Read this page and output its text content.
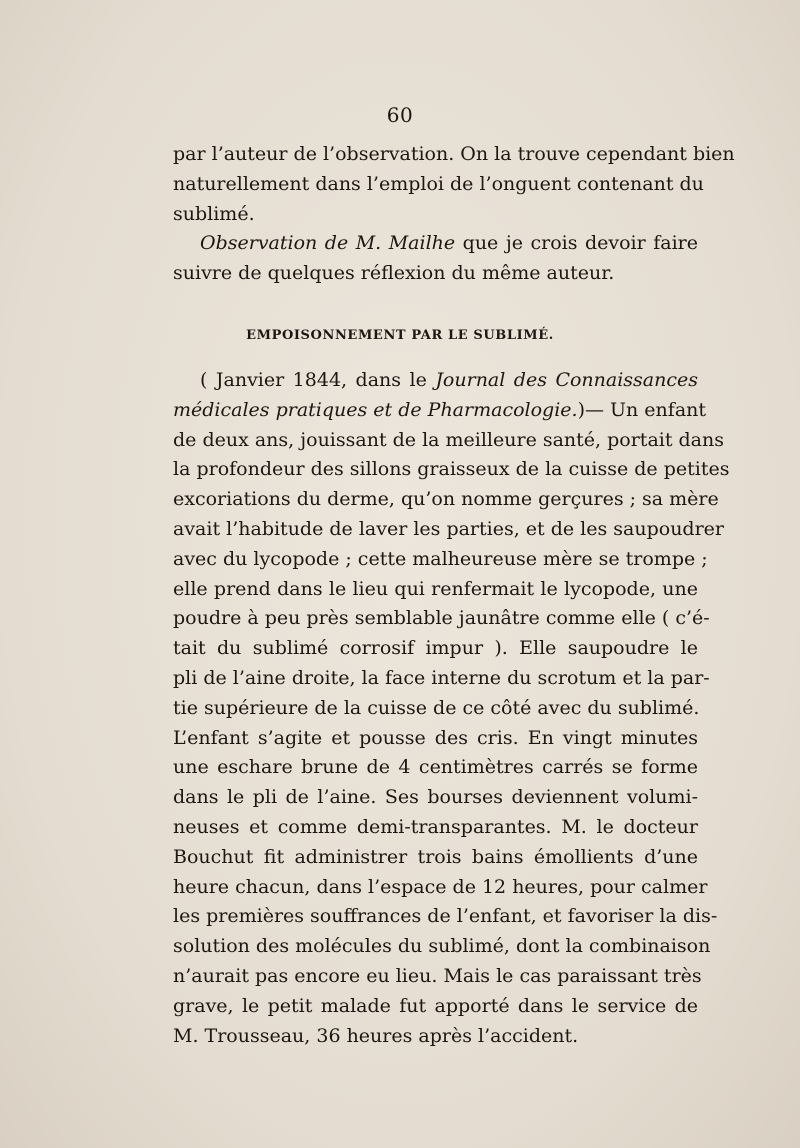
60
par l’auteur de l’observation. On la trouve cependant bien
naturellement dans l’emploi de l’onguent contenant du
sublimé.
Observation de M. Mailhe que je crois devoir faire
suivre de quelques réflexion du même auteur.
EMPOISONNEMENT PAR LE SUBLIMÉ.
( Janvier 1844, dans le Journal des Connaissances
médicales pratiques et de Pharmacologie.)— Un enfant
de deux ans, jouissant de la meilleure santé, portait dans
la profondeur des sillons graisseux de la cuisse de petites
excoriations du derme, qu’on nomme gerçures ; sa mère
avait l’habitude de laver les parties, et de les saupoudrer
avec du lycopode ; cette malheureuse mère se trompe ;
elle prend dans le lieu qui renfermait le lycopode, une
poudre à peu près semblable jaunâtre comme elle ( c’é-
tait du sublimé corrosif impur ). Elle saupoudre le
pli de l’aine droite, la face interne du scrotum et la par-
tie supérieure de la cuisse de ce côté avec du sublimé.
L’enfant s’agite et pousse des cris. En vingt minutes
une eschare brune de 4 centimètres carrés se forme
dans le pli de l’aine. Ses bourses deviennent volumi-
neuses et comme demi-transparantes. M. le docteur
Bouchut fit administrer trois bains émollients d’une
heure chacun, dans l’espace de 12 heures, pour calmer
les premières souffrances de l’enfant, et favoriser la dis-
solution des molécules du sublimé, dont la combinaison
n’aurait pas encore eu lieu. Mais le cas paraissant très
grave, le petit malade fut apporté dans le service de
M. Trousseau, 36 heures après l’accident.
